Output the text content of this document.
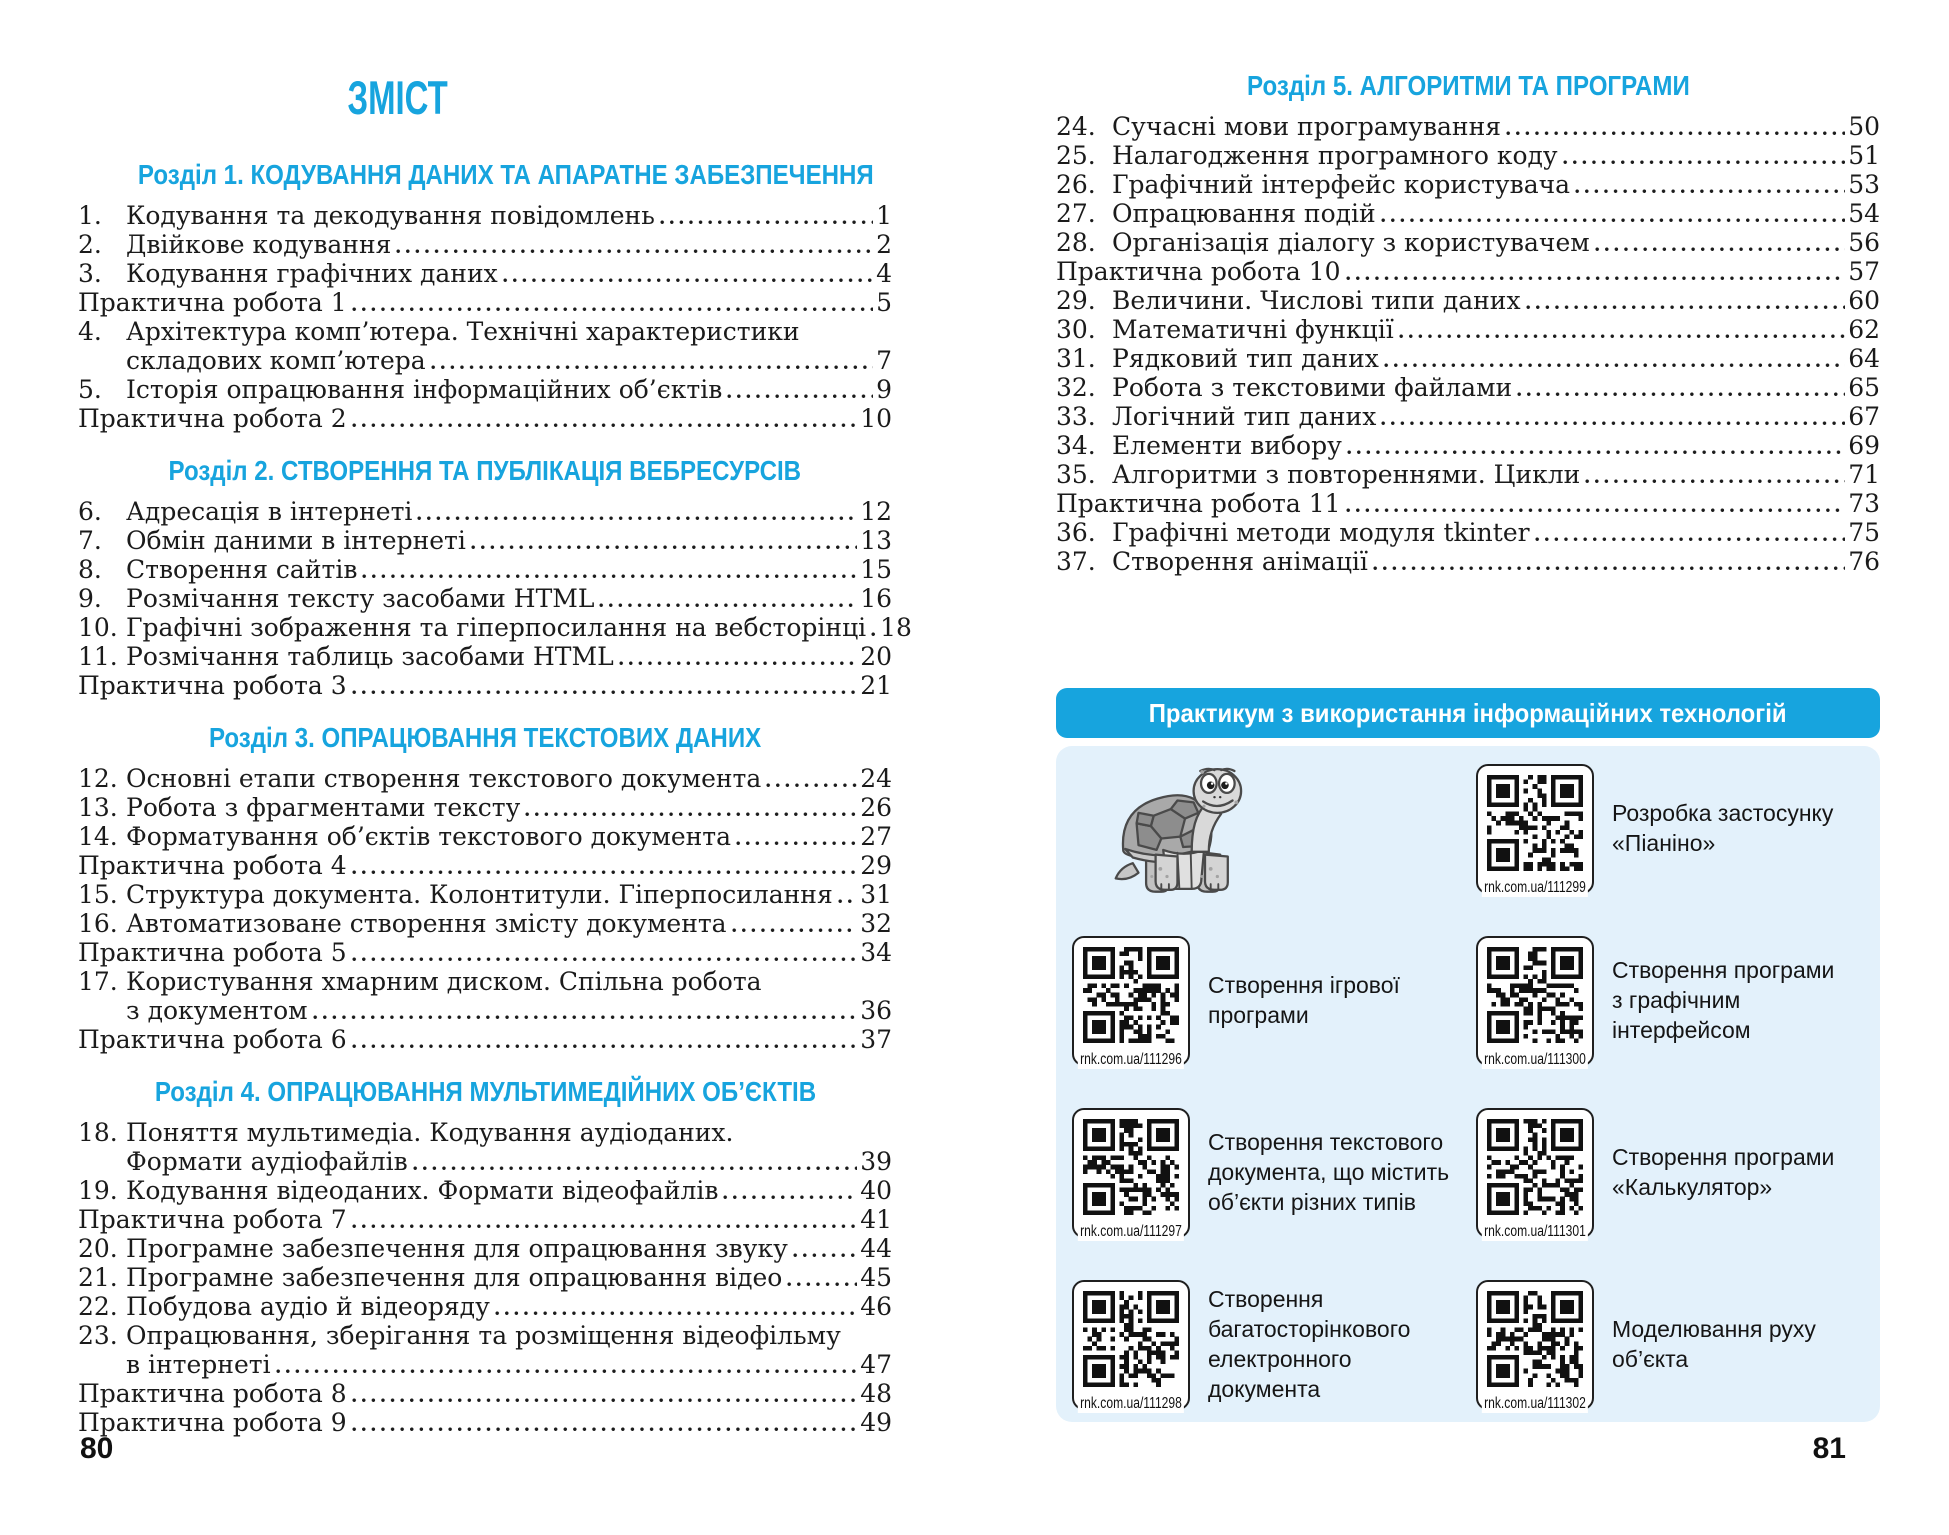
ЗМІСТ
Розділ 1. КОДУВАННЯ ДАНИХ ТА АПАРАТНЕ ЗАБЕЗПЕЧЕННЯ
1. Кодування та декодування повідомлень	1
2. Двійкове кодування	2
3. Кодування графічних даних	4
Практична робота 1	5
4. Архітектура комп’ютера. Технічні характеристики
складових комп’ютера	7
5. Історія опрацювання інформаційних об’єктів	9
Практична робота 2	10
Розділ 2. СТВОРЕННЯ ТА ПУБЛІКАЦІЯ ВЕБРЕСУРСІВ
6. Адресація в інтернеті	12
7. Обмін даними в інтернеті	13
8. Створення сайтів	15
9. Розмічання тексту засобами HTML	16
10. Графічні зображення та гіперпосилання на вебсторінці 18
11. Розмічання таблиць засобами HTML	20
Практична робота 3	21
Розділ 3. ОПРАЦЮВАННЯ ТЕКСТОВИХ ДАНИХ
12. Основні етапи створення текстового документа	24
13. Робота з фрагментами тексту	26
14. Форматування об’єктів текстового документа	27
Практична робота 4	29
15. Структура документа. Колонтитули. Гіперпосилання 31
16. Автоматизоване створення змісту документа	32
Практична робота 5	34
17. Користування хмарним диском. Спільна робота
з документом	36
Практична робота 6	37
Розділ 4. ОПРАЦЮВАННЯ МУЛЬТИМЕДІЙНИХ ОБ’ЄКТІВ
18. Поняття мультимедіа. Кодування аудіоданих.
Формати аудіофайлів	39
19. Кодування відеоданих. Формати відеофайлів	40
Практична робота 7	41
20. Програмне забезпечення для опрацювання звуку	44
21. Програмне забезпечення для опрацювання відео	45
22. Побудова аудіо й відеоряду	46
23. Опрацювання, зберігання та розміщення відеофільму
в інтернеті	47
Практична робота 8	48
Практична робота 9	49
Розділ 5. АЛГОРИТМИ ТА ПРОГРАМИ
24. Сучасні мови програмування	50
25. Налагодження програмного коду	51
26. Графічний інтерфейс користувача	53
27. Опрацювання подій	54
28. Організація діалогу з користувачем	56
Практична робота 10	57
29. Величини. Числові типи даних	60
30. Математичні функції	62
31. Рядковий тип даних	64
32. Робота з текстовими файлами	65
33. Логічний тип даних	67
34. Елементи вибору	69
35. Алгоритми з повтореннями. Цикли	71
Практична робота 11	73
36. Графічні методи модуля tkinter	75
37. Створення анімації	76
Практикум з використання інформаційних технологій
rnk.com.ua/111299
Розробка застосунку «Піаніно»
rnk.com.ua/111296
Створення ігрової програми
rnk.com.ua/111300
Створення програми з графічним інтерфейсом
rnk.com.ua/111297
Створення текстового документа, що містить об’єкти різних типів
rnk.com.ua/111301
Створення програми «Калькулятор»
rnk.com.ua/111298
Створення багатосторінкового електронного документа
rnk.com.ua/111302
Моделювання руху об’єкта
80	81
